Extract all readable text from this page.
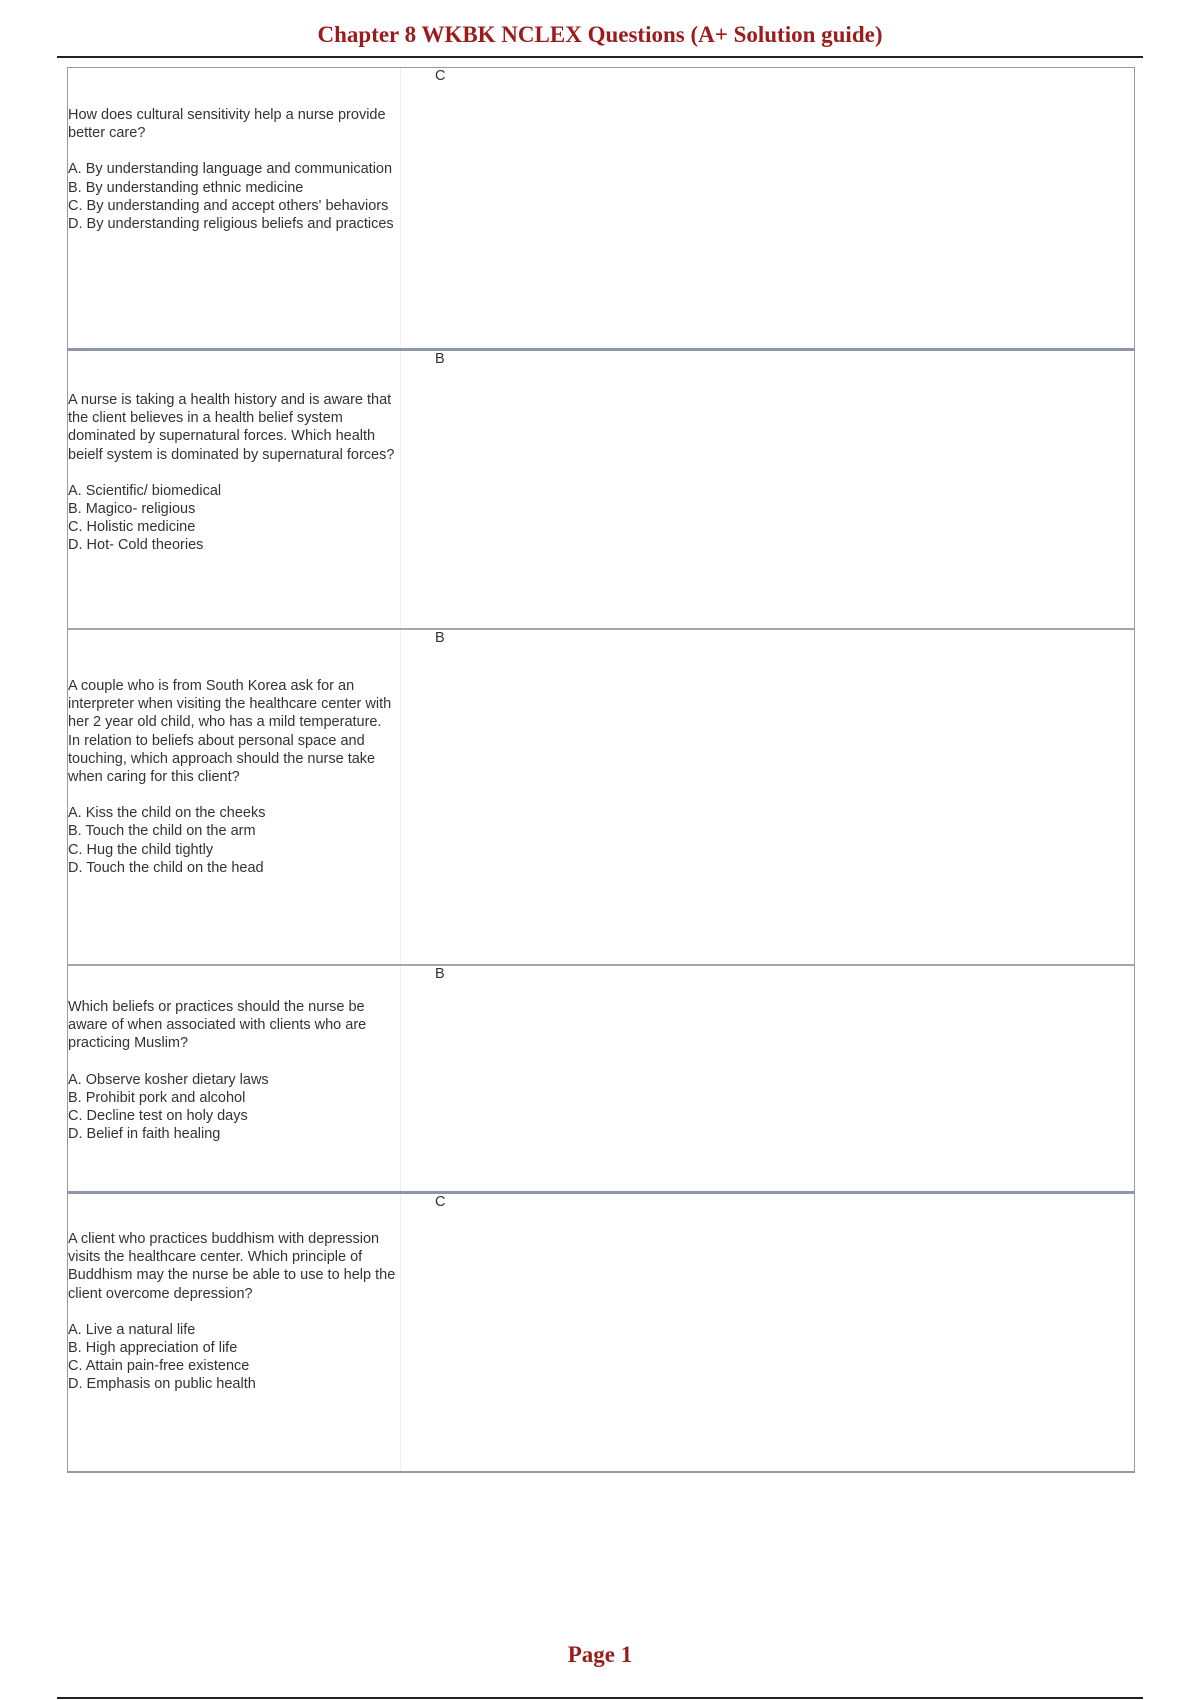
Chapter 8 WKBK NCLEX Questions (A+ Solution guide)
How does cultural sensitivity help a nurse provide better care?
A. By understanding language and communication
B. By understanding ethnic medicine
C. By understanding and accept others' behaviors
D. By understanding religious beliefs and practices
C
A nurse is taking a health history and is aware that the client believes in a health belief system dominated by supernatural forces. Which health beielf system is dominated by supernatural forces?
A. Scientific/ biomedical
B. Magico- religious
C. Holistic medicine
D. Hot- Cold theories
B
A couple who is from South Korea ask for an interpreter when visiting the healthcare center with her 2 year old child, who has a mild temperature. In relation to beliefs about personal space and touching, which approach should the nurse take when caring for this client?
A. Kiss the child on the cheeks
B. Touch the child on the arm
C. Hug the child tightly
D. Touch the child on the head
B
Which beliefs or practices should the nurse be aware of when associated with clients who are practicing Muslim?
A. Observe kosher dietary laws
B. Prohibit pork and alcohol
C. Decline test on holy days
D. Belief in faith healing
B
A client who practices buddhism with depression visits the healthcare center. Which principle of Buddhism may the nurse be able to use to help the client overcome depression?
A. Live a natural life
B. High appreciation of life
C. Attain pain-free existence
D. Emphasis on public health
C

Page 1
